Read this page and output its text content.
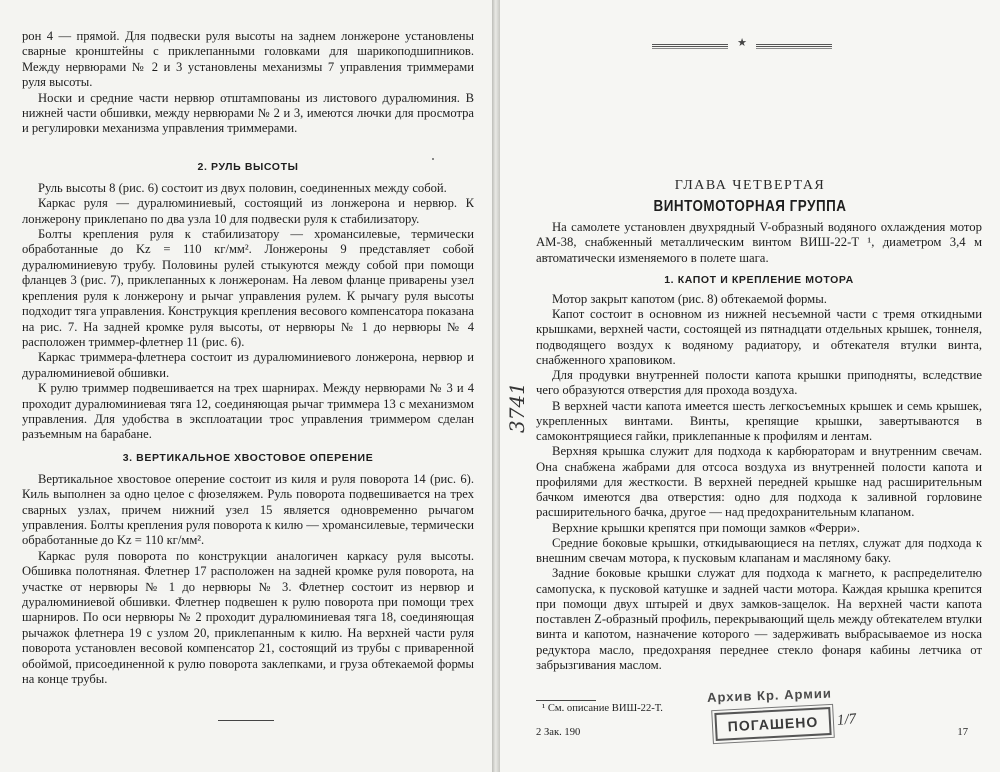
рон 4 — прямой. Для подвески руля высоты на заднем лонжероне установлены сварные кронштейны с приклепанными головками для шарикоподшипников. Между нервюрами № 2 и 3 установлены механизмы 7 управления триммерами руля высоты.

Носки и средние части нервюр отштампованы из листового дуралюминия. В нижней части обшивки, между нервюрами № 2 и 3, имеются лючки для просмотра и регулировки механизма управления триммерами.

2. РУЛЬ ВЫСОТЫ

Руль высоты 8 (рис. 6) состоит из двух половин, соединенных между собой.

Каркас руля — дуралюминиевый, состоящий из лонжерона и нервюр. К лонжерону приклепано по два узла 10 для подвески руля к стабилизатору.

Болты крепления руля к стабилизатору — хромансилевые, термически обработанные до Kz = 110 кг/мм². Лонжероны 9 представляет собой дуралюминиевую трубу. Половины рулей стыкуются между собой при помощи фланцев 3 (рис. 7), приклепанных к лонжеронам. На левом фланце приварены узел крепления руля к лонжерону и рычаг управления рулем. К рычагу руля высоты подходит тяга управления. Конструкция крепления весового компенсатора показана на рис. 7. На задней кромке руля высоты, от нервюры № 1 до нервюры № 4 расположен триммер-флетнер 11 (рис. 6).

Каркас триммера-флетнера состоит из дуралюминиевого лонжерона, нервюр и дуралюминиевой обшивки.

К рулю триммер подвешивается на трех шарнирах. Между нервюрами № 3 и 4 проходит дуралюминиевая тяга 12, соединяющая рычаг триммера 13 с механизмом управления. Для удобства в эксплоатации трос управления триммером сделан разъемным на барабане.

3. ВЕРТИКАЛЬНОЕ ХВОСТОВОЕ ОПЕРЕНИЕ

Вертикальное хвостовое оперение состоит из киля и руля поворота 14 (рис. 6). Киль выполнен за одно целое с фюзеляжем. Руль поворота подвешивается на трех сварных узлах, причем нижний узел 15 является одновременно рычагом управления. Болты крепления руля поворота к килю — хромансилевые, термически обработанные до Kz = 110 кг/мм².

Каркас руля поворота по конструкции аналогичен каркасу руля высоты. Обшивка полотняная. Флетнер 17 расположен на задней кромке руля поворота, на участке от нервюры № 1 до нервюры № 3. Флетнер состоит из нервюр и дуралюминиевой обшивки. Флетнер подвешен к рулю поворота при помощи трех шарниров. По оси нервюры № 2 проходит дуралюминиевая тяга 18, соединяющая рычажок флетнера 19 с узлом 20, приклепанным к килю. На верхней части руля поворота установлен весовой компенсатор 21, состоящий из трубы с приваренной обоймой, присоединенной к рулю поворота заклепками, и груза обтекаемой формы на конце трубы.

★
3741
ГЛАВА ЧЕТВЕРТАЯ
ВИНТОМОТОРНАЯ ГРУППА

На самолете установлен двухрядный V-образный водяного охлаждения мотор АМ-38, снабженный металлическим винтом ВИШ-22-Т ¹, диаметром 3,4 м автоматически изменяемого в полете шага.

1. КАПОТ И КРЕПЛЕНИЕ МОТОРА

Мотор закрыт капотом (рис. 8) обтекаемой формы.

Капот состоит в основном из нижней несъемной части с тремя откидными крышками, верхней части, состоящей из пятнадцати отдельных крышек, тоннеля, подводящего воздух к водяному радиатору, и обтекателя втулки винта, снабженного храповиком.

Для продувки внутренней полости капота крышки приподняты, вследствие чего образуются отверстия для прохода воздуха.

В верхней части капота имеется шесть легкосъемных крышек и семь крышек, укрепленных винтами. Винты, крепящие крышки, завертываются в самоконтрящиеся гайки, приклепанные к профилям и лентам.

Верхняя крышка служит для подхода к карбюраторам и внутренним свечам. Она снабжена жабрами для отсоса воздуха из внутренней полости капота и профилями для жесткости. В верхней передней крышке над расширительным бачком имеются два отверстия: одно для подхода к заливной горловине расширительного бачка, другое — над предохранительным клапаном.

Верхние крышки крепятся при помощи замков «Ферри».

Средние боковые крышки, откидывающиеся на петлях, служат для подхода к внешним свечам мотора, к пусковым клапанам и масляному баку.

Задние боковые крышки служат для подхода к магнето, к распределителю самопуска, к пусковой катушке и задней части мотора. Каждая крышка крепится при помощи двух штырей и двух замков-защелок. На верхней части капота поставлен Z-образный профиль, перекрывающий щель между обтекателем втулки винта и капотом, назначение которого — задерживать выбрасываемое из носка редуктора масло, предохраняя переднее стекло фонаря кабины летчика от забрызгивания маслом.

¹ См. описание ВИШ-22-Т.
2 Зак. 190	17
Архив Кр. Армии
ПОГАШЕНО	1/7
